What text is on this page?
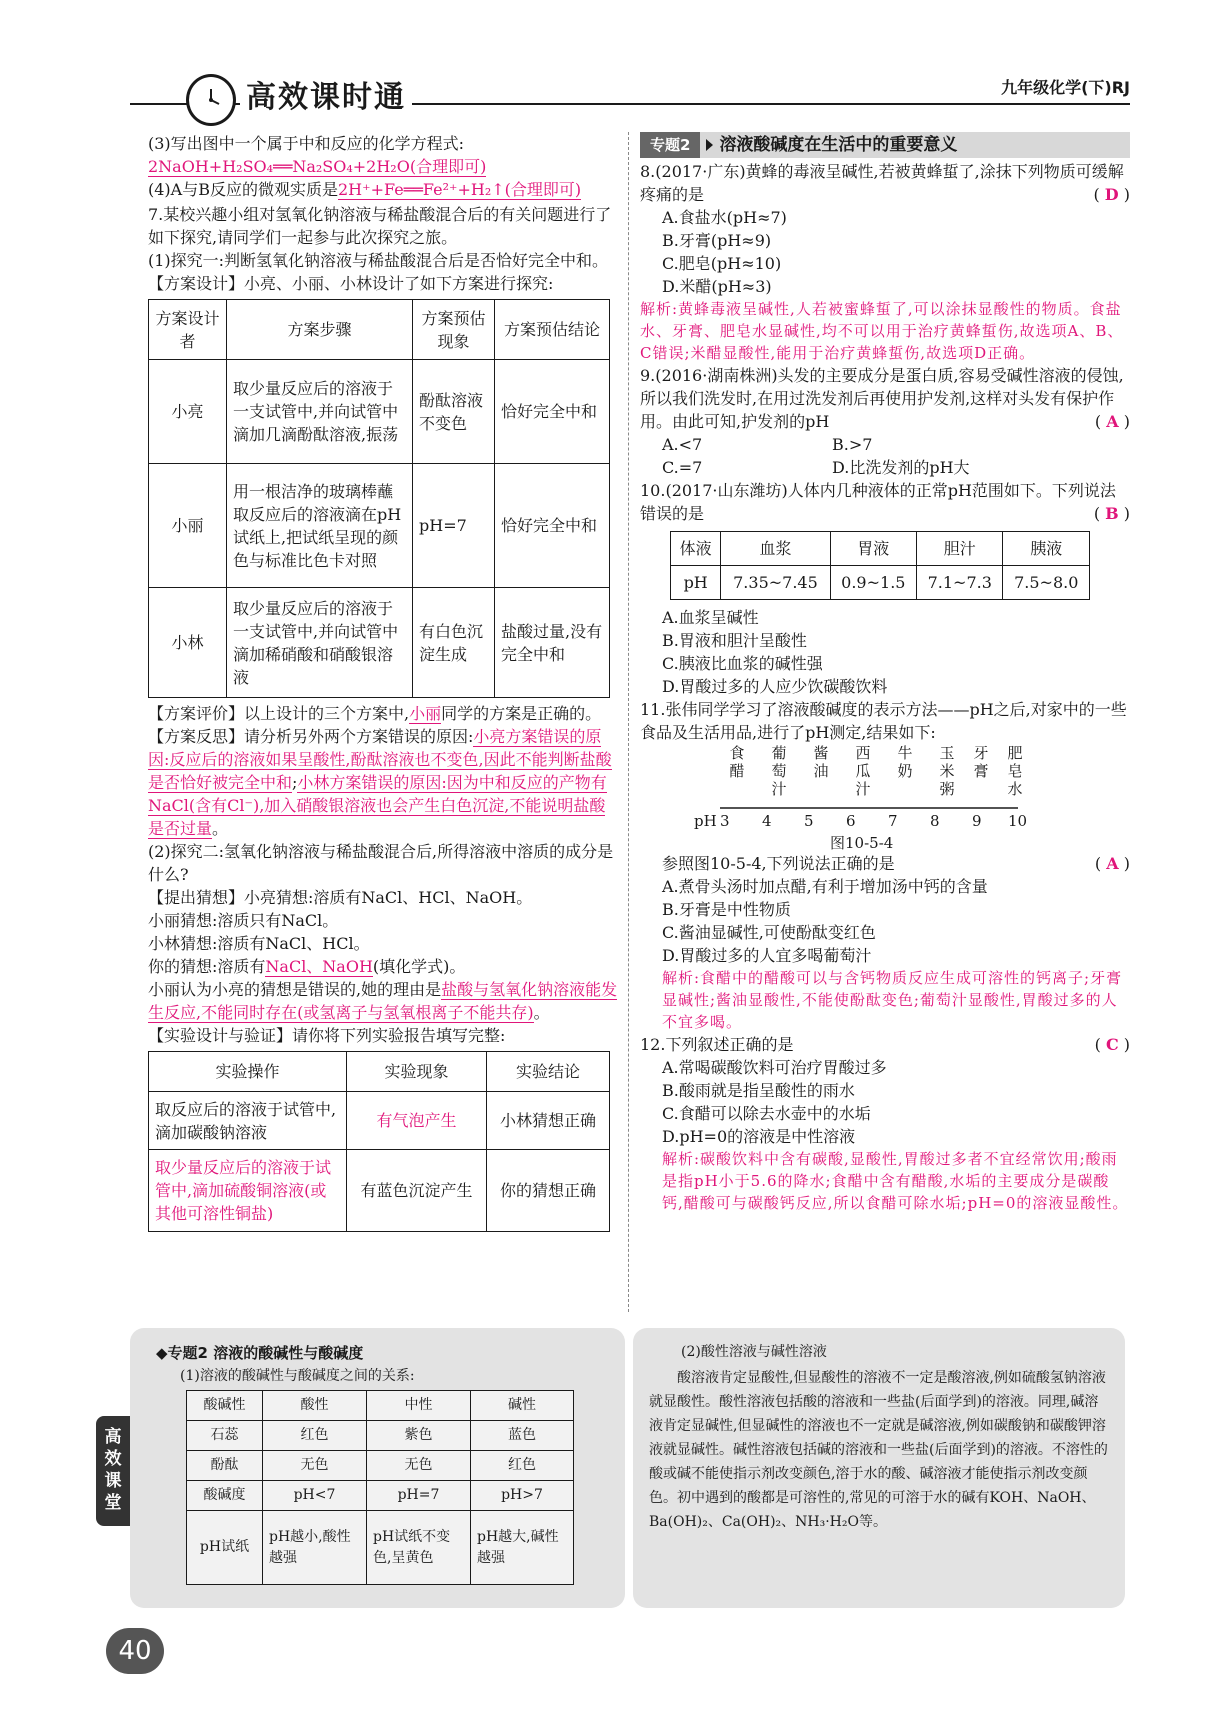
高效课时通	九年级化学(下)RJ
(3)写出图中一个属于中和反应的化学方程式:
2NaOH+H₂SO₄══Na₂SO₄+2H₂O(合理即可)
(4)A与B反应的微观实质是2H⁺+Fe══Fe²⁺+H₂↑(合理即可)
7.某校兴趣小组对氢氧化钠溶液与稀盐酸混合后的有关问题进行了如下探究,请同学们一起参与此次探究之旅。
(1)探究一:判断氢氧化钠溶液与稀盐酸混合后是否恰好完全中和。
【方案设计】小亮、小丽、小林设计了如下方案进行探究:
方案设计者	方案步骤	方案预估现象	方案预估结论
小亮	取少量反应后的溶液于一支试管中,并向试管中滴加几滴酚酞溶液,振荡	酚酞溶液不变色	恰好完全中和
小丽	用一根洁净的玻璃棒蘸取反应后的溶液滴在pH试纸上,把试纸呈现的颜色与标准比色卡对照	pH=7	恰好完全中和
小林	取少量反应后的溶液于一支试管中,并向试管中滴加稀硝酸和硝酸银溶液	有白色沉淀生成	盐酸过量,没有完全中和
【方案评价】以上设计的三个方案中,小丽同学的方案是正确的。
【方案反思】请分析另外两个方案错误的原因:小亮方案错误的原因:反应后的溶液如果呈酸性,酚酞溶液也不变色,因此不能判断盐酸是否恰好被完全中和;小林方案错误的原因:因为中和反应的产物有NaCl(含有Cl⁻),加入硝酸银溶液也会产生白色沉淀,不能说明盐酸是否过量。
(2)探究二:氢氧化钠溶液与稀盐酸混合后,所得溶液中溶质的成分是什么?
【提出猜想】小亮猜想:溶质有NaCl、HCl、NaOH。
小丽猜想:溶质只有NaCl。
小林猜想:溶质有NaCl、HCl。
你的猜想:溶质有NaCl、NaOH(填化学式)。
小丽认为小亮的猜想是错误的,她的理由是盐酸与氢氧化钠溶液能发生反应,不能同时存在(或氢离子与氢氧根离子不能共存)。
【实验设计与验证】请你将下列实验报告填写完整:
实验操作	实验现象	实验结论
取反应后的溶液于试管中,滴加碳酸钠溶液	有气泡产生	小林猜想正确
取少量反应后的溶液于试管中,滴加硫酸铜溶液(或其他可溶性铜盐)	有蓝色沉淀产生	你的猜想正确
专题2	溶液酸碱度在生活中的重要意义
8.(2017·广东)黄蜂的毒液呈碱性,若被黄蜂蜇了,涂抹下列物质可缓解疼痛的是	( D )
A.食盐水(pH≈7)
B.牙膏(pH≈9)
C.肥皂(pH≈10)
D.米醋(pH≈3)
解析:黄蜂毒液呈碱性,人若被蜜蜂蜇了,可以涂抹显酸性的物质。食盐水、牙膏、肥皂水显碱性,均不可以用于治疗黄蜂蜇伤,故选项A、B、C错误;米醋显酸性,能用于治疗黄蜂蜇伤,故选项D正确。
9.(2016·湖南株洲)头发的主要成分是蛋白质,容易受碱性溶液的侵蚀,所以我们洗发时,在用过洗发剂后再使用护发剂,这样对头发有保护作用。由此可知,护发剂的pH	( A )
A.<7	B.>7
C.=7	D.比洗发剂的pH大
10.(2017·山东潍坊)人体内几种液体的正常pH范围如下。下列说法错误的是	( B )
体液	血浆	胃液	胆汁	胰液
pH	7.35~7.45	0.9~1.5	7.1~7.3	7.5~8.0
A.血浆呈碱性
B.胃液和胆汁呈酸性
C.胰液比血浆的碱性强
D.胃酸过多的人应少饮碳酸饮料
11.张伟同学学习了溶液酸碱度的表示方法——pH之后,对家中的一些食品及生活用品,进行了pH测定,结果如下:
食
醋
葡
萄
汁
酱
油
西
瓜
汁
牛
奶
玉
米
粥
牙
膏
肥
皂
水
pH 3 4 5 6 7 8 9 10
图10-5-4
参照图10-5-4,下列说法正确的是	( A )
A.煮骨头汤时加点醋,有利于增加汤中钙的含量
B.牙膏是中性物质
C.酱油显碱性,可使酚酞变红色
D.胃酸过多的人宜多喝葡萄汁
解析:食醋中的醋酸可以与含钙物质反应生成可溶性的钙离子;牙膏显碱性;酱油显酸性,不能使酚酞变色;葡萄汁显酸性,胃酸过多的人不宜多喝。
12.下列叙述正确的是	( C )
A.常喝碳酸饮料可治疗胃酸过多
B.酸雨就是指呈酸性的雨水
C.食醋可以除去水壶中的水垢
D.pH=0的溶液是中性溶液
解析:碳酸饮料中含有碳酸,显酸性,胃酸过多者不宜经常饮用;酸雨是指pH小于5.6的降水;食醋中含有醋酸,水垢的主要成分是碳酸钙,醋酸可与碳酸钙反应,所以食醋可除水垢;pH=0的溶液显酸性。
◆专题2 溶液的酸碱性与酸碱度
(1)溶液的酸碱性与酸碱度之间的关系:
酸碱性	酸性	中性	碱性
石蕊	红色	紫色	蓝色
酚酞	无色	无色	红色
酸碱度	pH<7	pH=7	pH>7
pH试纸	pH越小,酸性越强	pH试纸不变色,呈黄色	pH越大,碱性越强
(2)酸性溶液与碱性溶液
酸溶液肯定显酸性,但显酸性的溶液不一定是酸溶液,例如硫酸氢钠溶液就显酸性。酸性溶液包括酸的溶液和一些盐(后面学到)的溶液。同理,碱溶液肯定显碱性,但显碱性的溶液也不一定就是碱溶液,例如碳酸钠和碳酸钾溶液就显碱性。碱性溶液包括碱的溶液和一些盐(后面学到)的溶液。不溶性的酸或碱不能使指示剂改变颜色,溶于水的酸、碱溶液才能使指示剂改变颜色。初中遇到的酸都是可溶性的,常见的可溶于水的碱有KOH、NaOH、Ba(OH)₂、Ca(OH)₂、NH₃·H₂O等。
高效课堂
40
